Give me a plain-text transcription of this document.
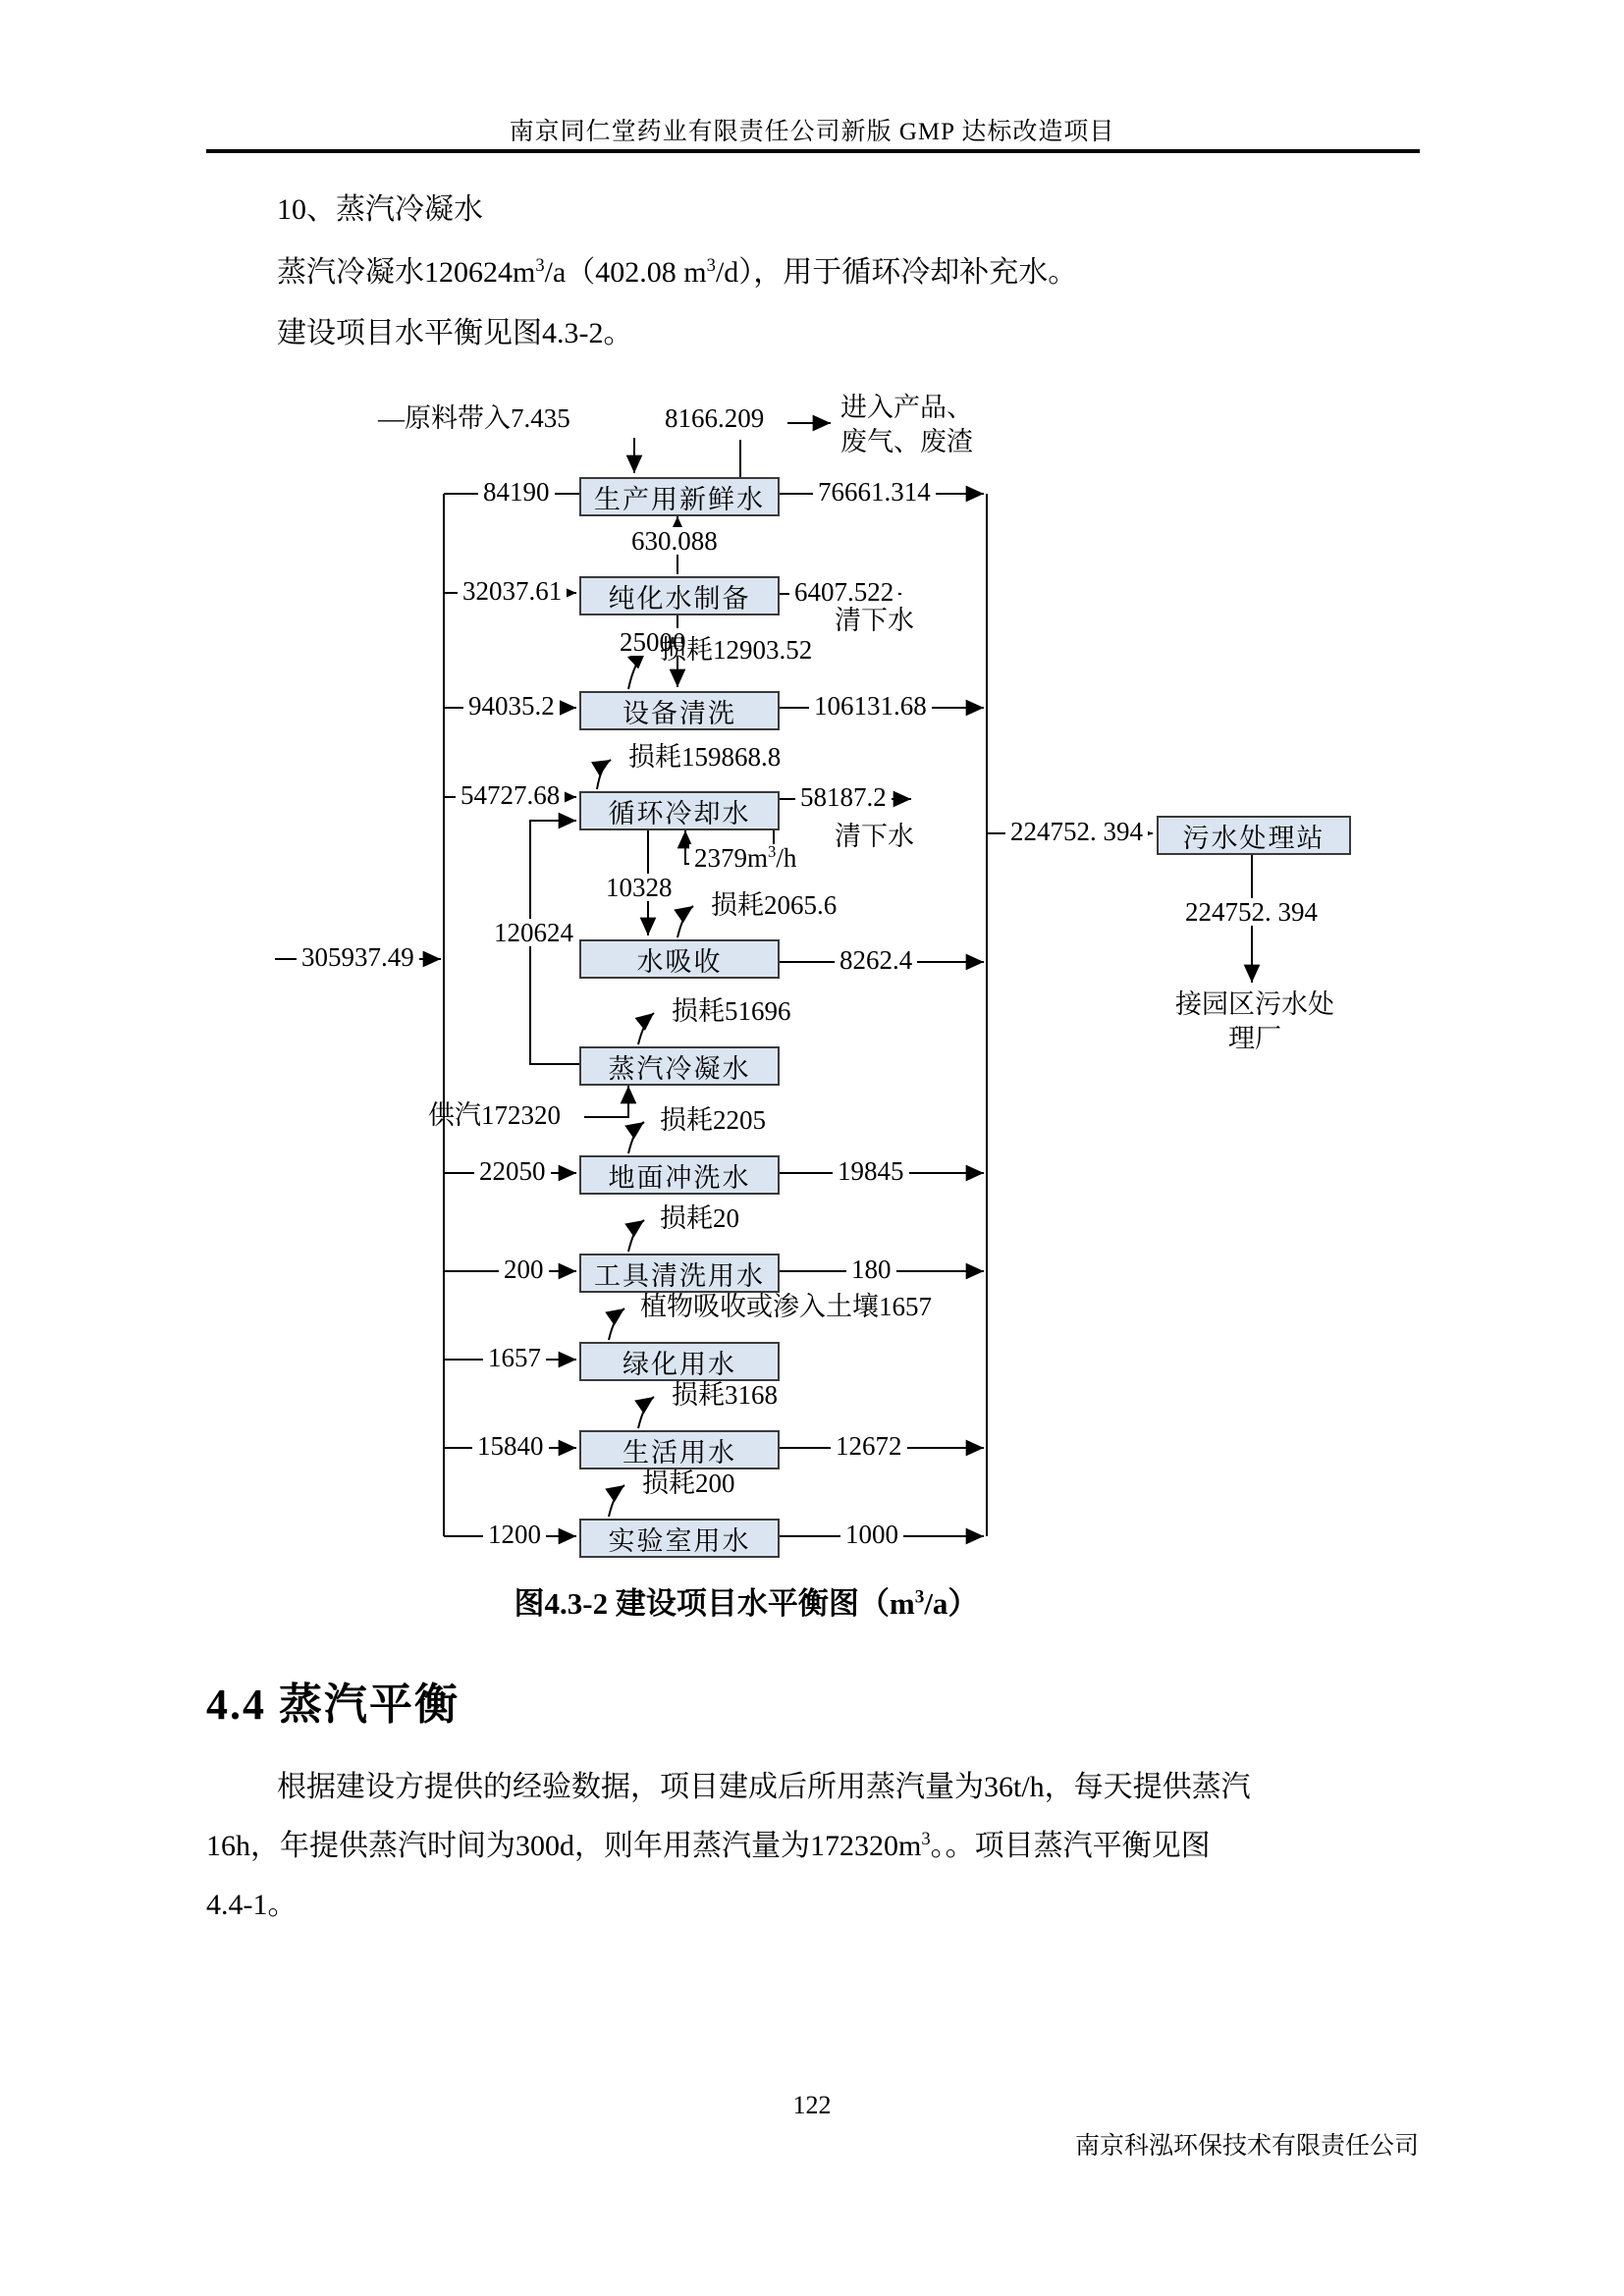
南京同仁堂药业有限责任公司新版 GMP 达标改造项目
10、蒸汽冷凝水
蒸汽冷凝水$120624m^3/a(402.08$ $m^3/d$），用于循环冷却补充水。
建设项目水平衡见图4.3-2。
生产用新鲜水
纯化水制备
设备清洗
循环冷却水
水吸收
蒸汽冷凝水
地面冲洗水
工具清洗用水
绿化用水
生活用水
实验室用水
污水处理站
—原料带入7.435	8166.209	进入产品、
废气、废渣
84190	76661.314
630.088
32037.61	6407.522
清下水
25000
损耗12903.52
94035.2	106131.68
损耗159868.8
54727.68	58187.2
清下水
$2379m^3/h$
10328
120624
损耗2065.6
8262.4
305937.49
损耗51696
供汽172320	损耗2205
22050	19845
损耗20
200	180
植物吸收或渗入土壤1657
1657
损耗3168
15840	12672
损耗200
1200	1000
224752. 394
224752. 394
接园区污水处
理厂
图4.3-2 建设项目水平衡图$(m^3/a)$
4.4 蒸汽平衡
根据建设方提供的经验数据，项目建成后所用蒸汽量为36t/h，每天提供蒸汽
16h，年提供蒸汽时间为300d，则年用蒸汽量为$172320m^3$。。项目蒸汽平衡见图
4.4-1。
122
南京科泓环保技术有限责任公司
